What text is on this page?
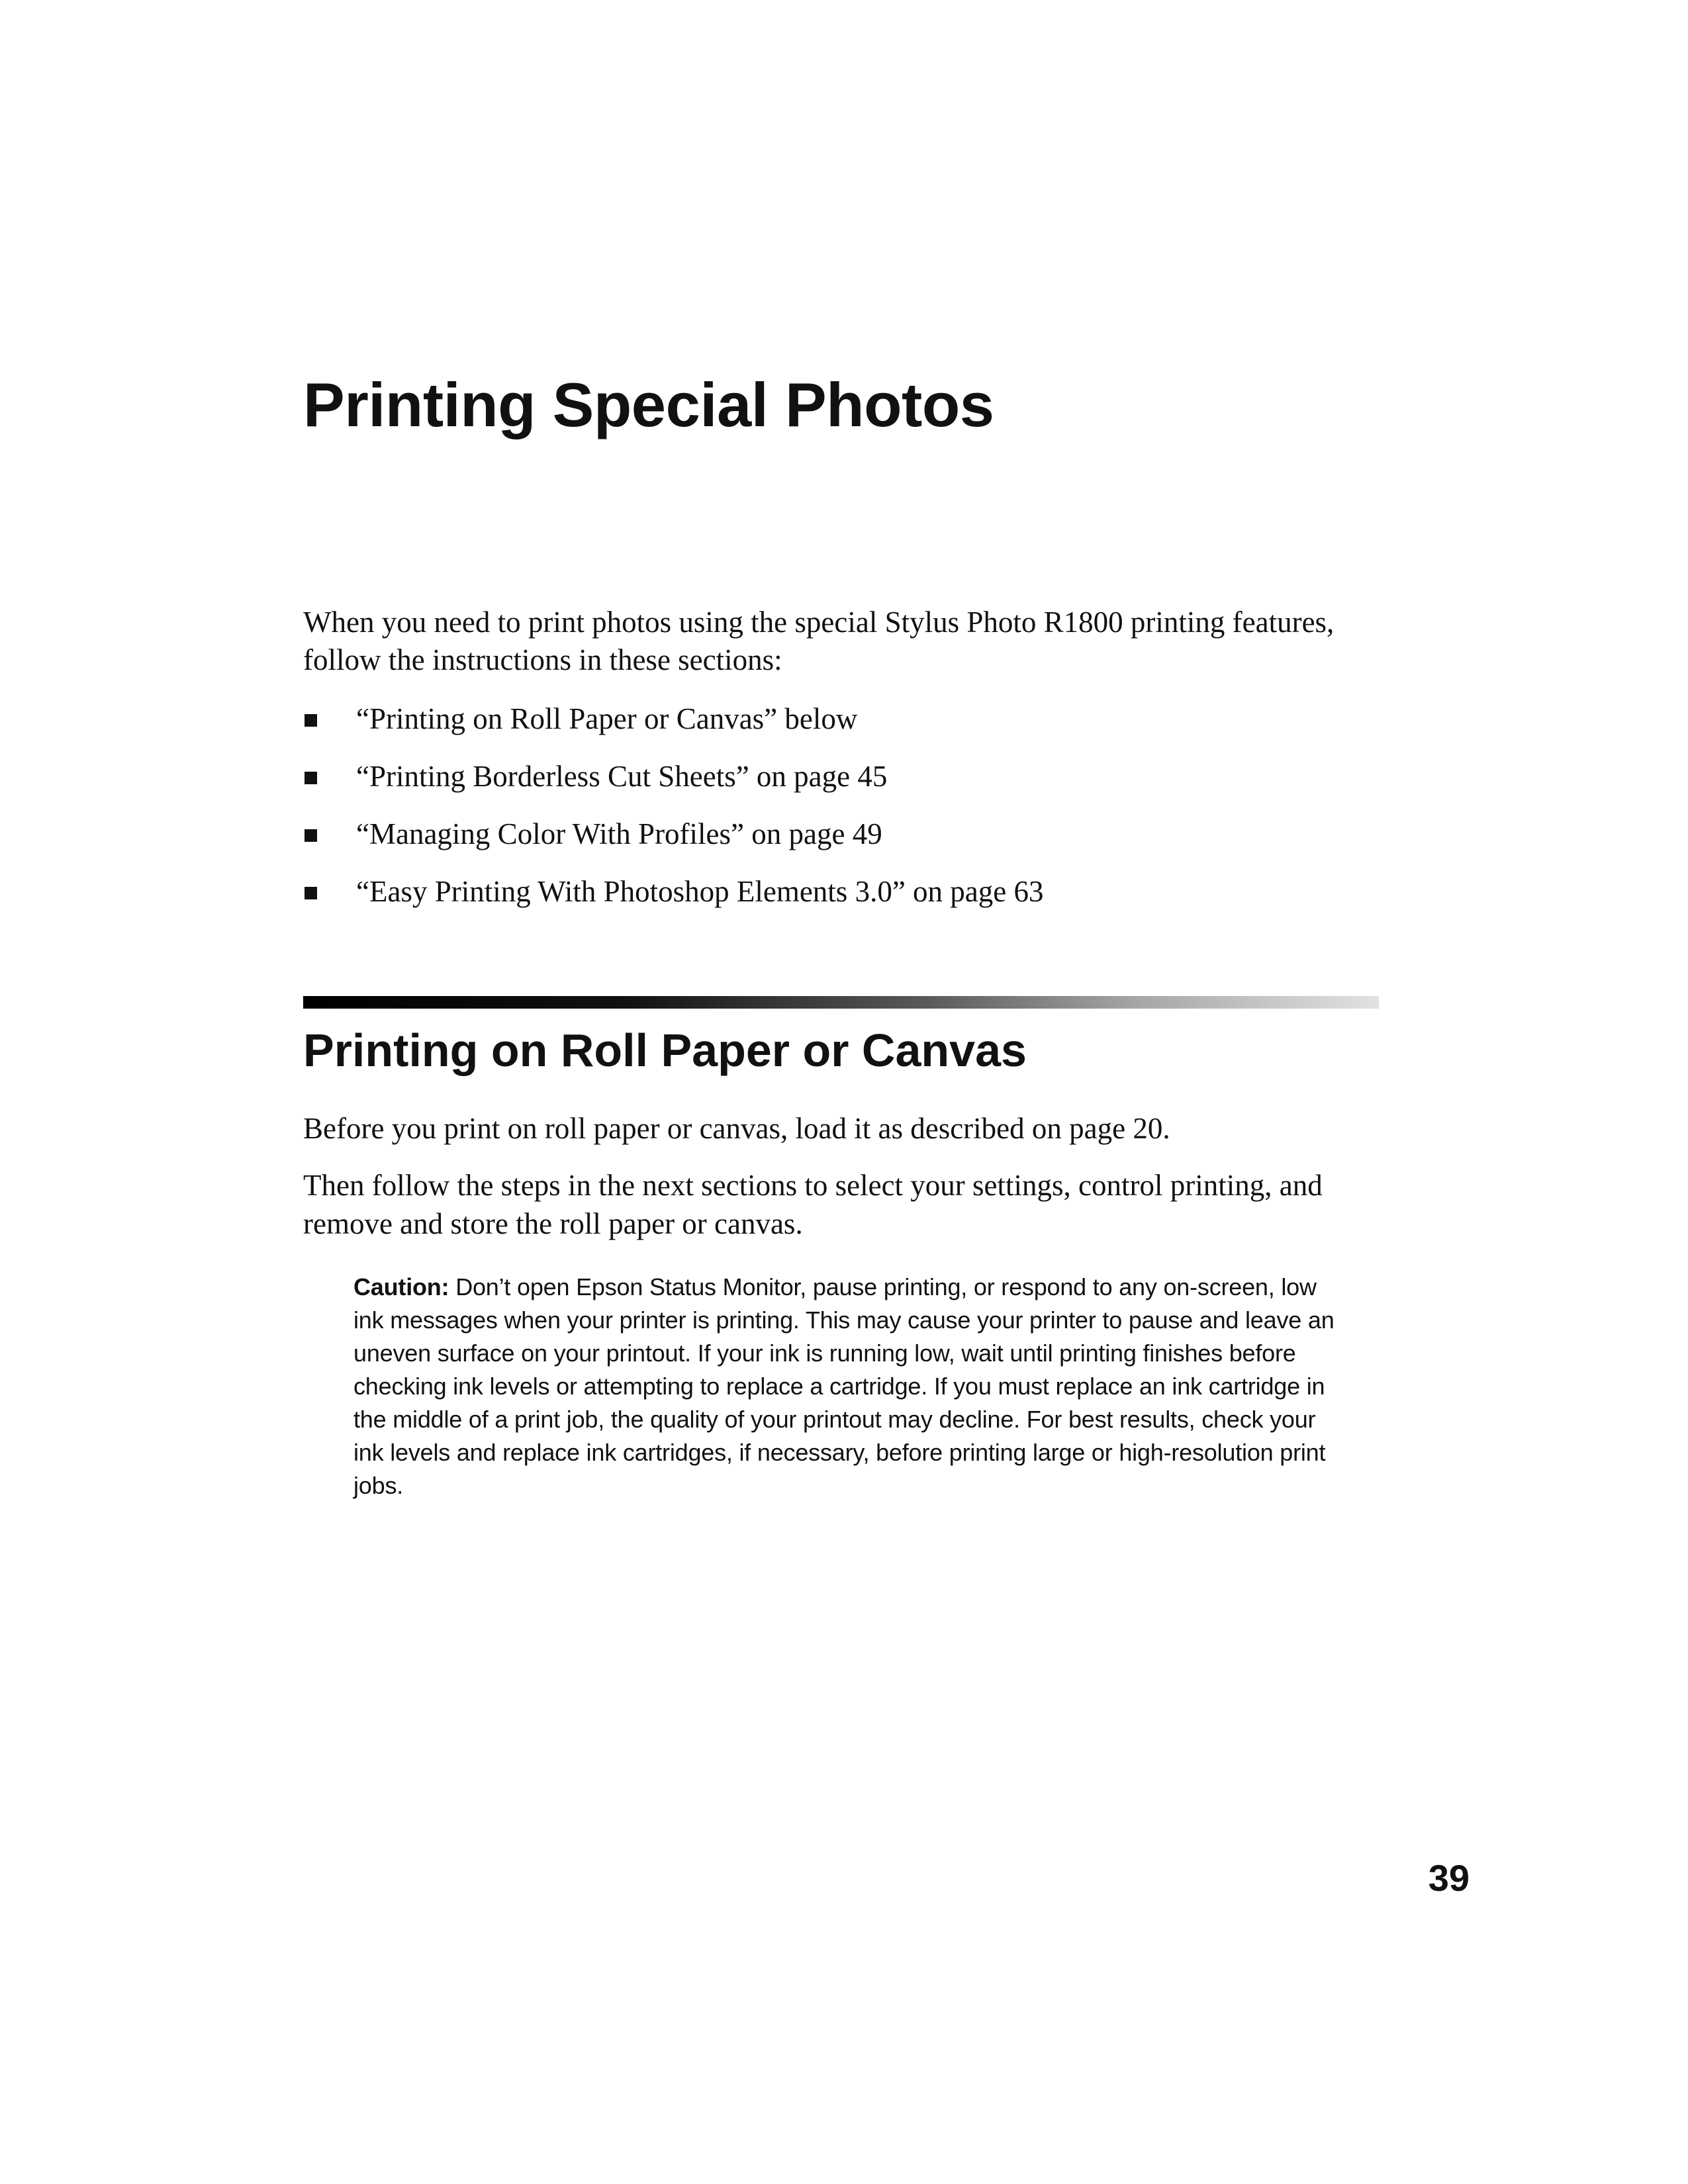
Printing Special Photos

When you need to print photos using the special Stylus Photo R1800 printing features, follow the instructions in these sections:

“Printing on Roll Paper or Canvas” below
“Printing Borderless Cut Sheets” on page 45
“Managing Color With Profiles” on page 49
“Easy Printing With Photoshop Elements 3.0” on page 63
Printing on Roll Paper or Canvas

Before you print on roll paper or canvas, load it as described on page 20.

Then follow the steps in the next sections to select your settings, control printing, and remove and store the roll paper or canvas.

Caution: Don’t open Epson Status Monitor, pause printing, or respond to any on-screen, low ink messages when your printer is printing. This may cause your printer to pause and leave an uneven surface on your printout. If your ink is running low, wait until printing finishes before checking ink levels or attempting to replace a cartridge. If you must replace an ink cartridge in the middle of a print job, the quality of your printout may decline. For best results, check your ink levels and replace ink cartridges, if necessary, before printing large or high-resolution print jobs.

39
